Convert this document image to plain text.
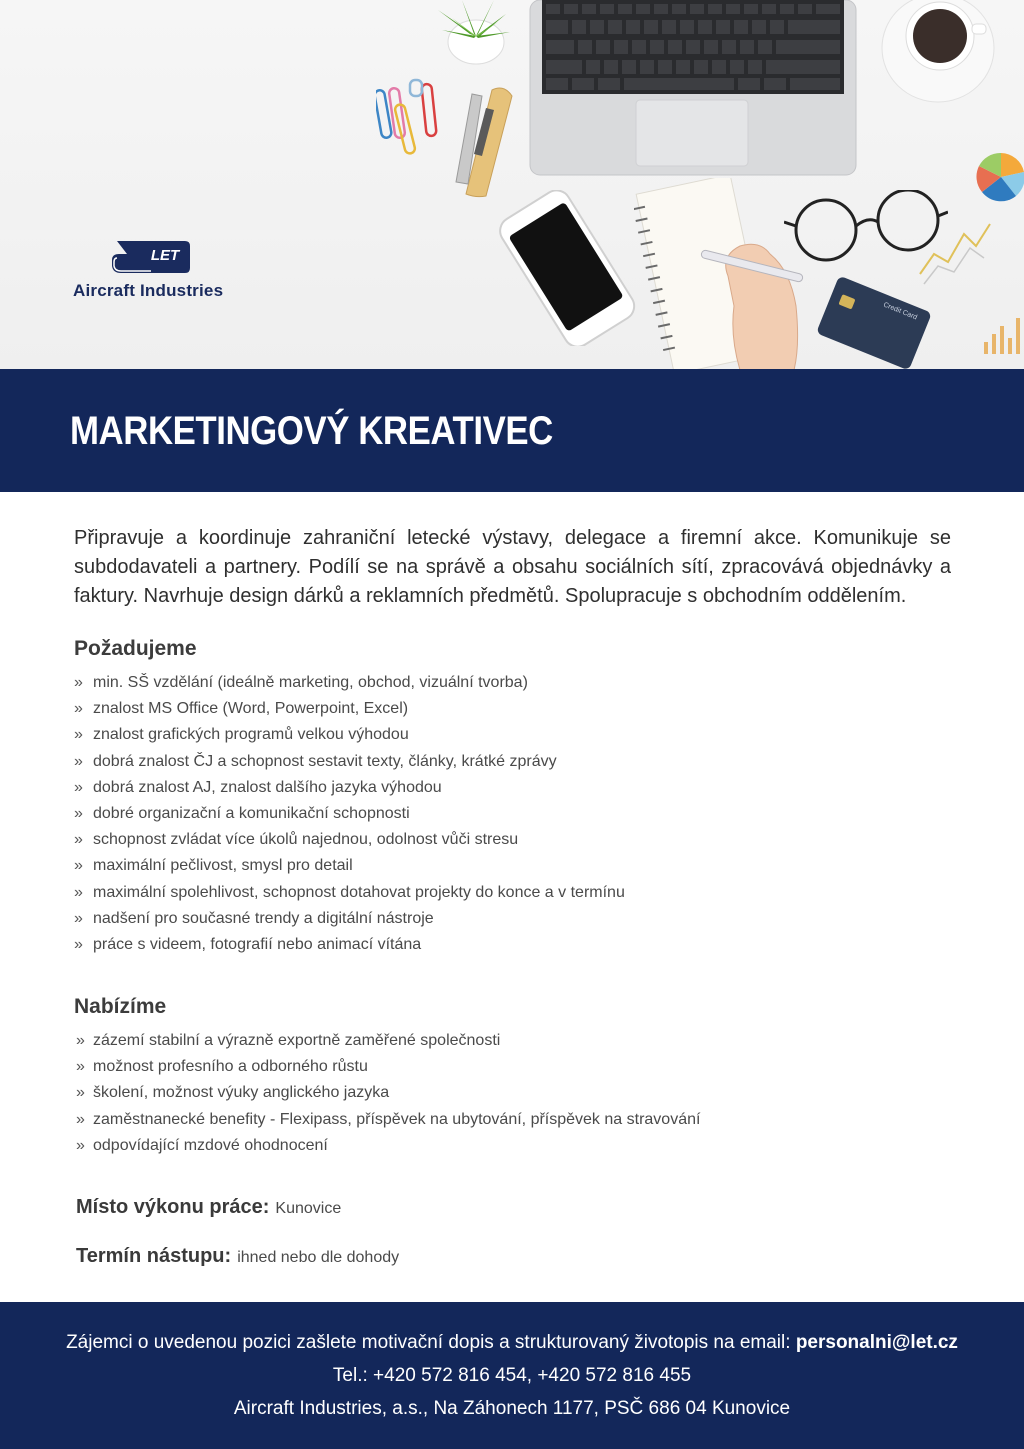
Credit Card
LET
Aircraft Industries
MARKETINGOVÝ KREATIVEC

Připravuje a koordinuje zahraniční letecké výstavy, delegace a firemní akce. Komunikuje se subdodavateli a partnery. Podílí se na správě a obsahu sociálních sítí, zpracovává objednávky a faktury. Navrhuje design dárků a reklamních předmětů. Spolupracuje s obchodním oddělením.

Požadujeme
» min. SŠ vzdělání (ideálně marketing, obchod, vizuální tvorba)
» znalost MS Office (Word, Powerpoint, Excel)
» znalost grafických programů velkou výhodou
» dobrá znalost ČJ a schopnost sestavit texty, články, krátké zprávy
» dobrá znalost AJ, znalost dalšího jazyka výhodou
» dobré organizační a komunikační schopnosti
» schopnost zvládat více úkolů najednou, odolnost vůči stresu
» maximální pečlivost, smysl pro detail
» maximální spolehlivost, schopnost dotahovat projekty do konce a v termínu
» nadšení pro současné trendy a digitální nástroje
» práce s videem, fotografií nebo animací vítána
Nabízíme
» zázemí stabilní a výrazně exportně zaměřené společnosti
» možnost profesního a odborného růstu
» školení, možnost výuky anglického jazyka
» zaměstnanecké benefity - Flexipass, příspěvek na ubytování, příspěvek na stravování
» odpovídající mzdové ohodnocení

Místo výkonu práce: Kunovice

Termín nástupu: ihned nebo dle dohody

Zájemci o uvedenou pozici zašlete motivační dopis a strukturovaný životopis na email: personalni@let.cz

Tel.: +420 572 816 454, +420 572 816 455

Aircraft Industries, a.s., Na Záhonech 1177, PSČ 686 04 Kunovice
